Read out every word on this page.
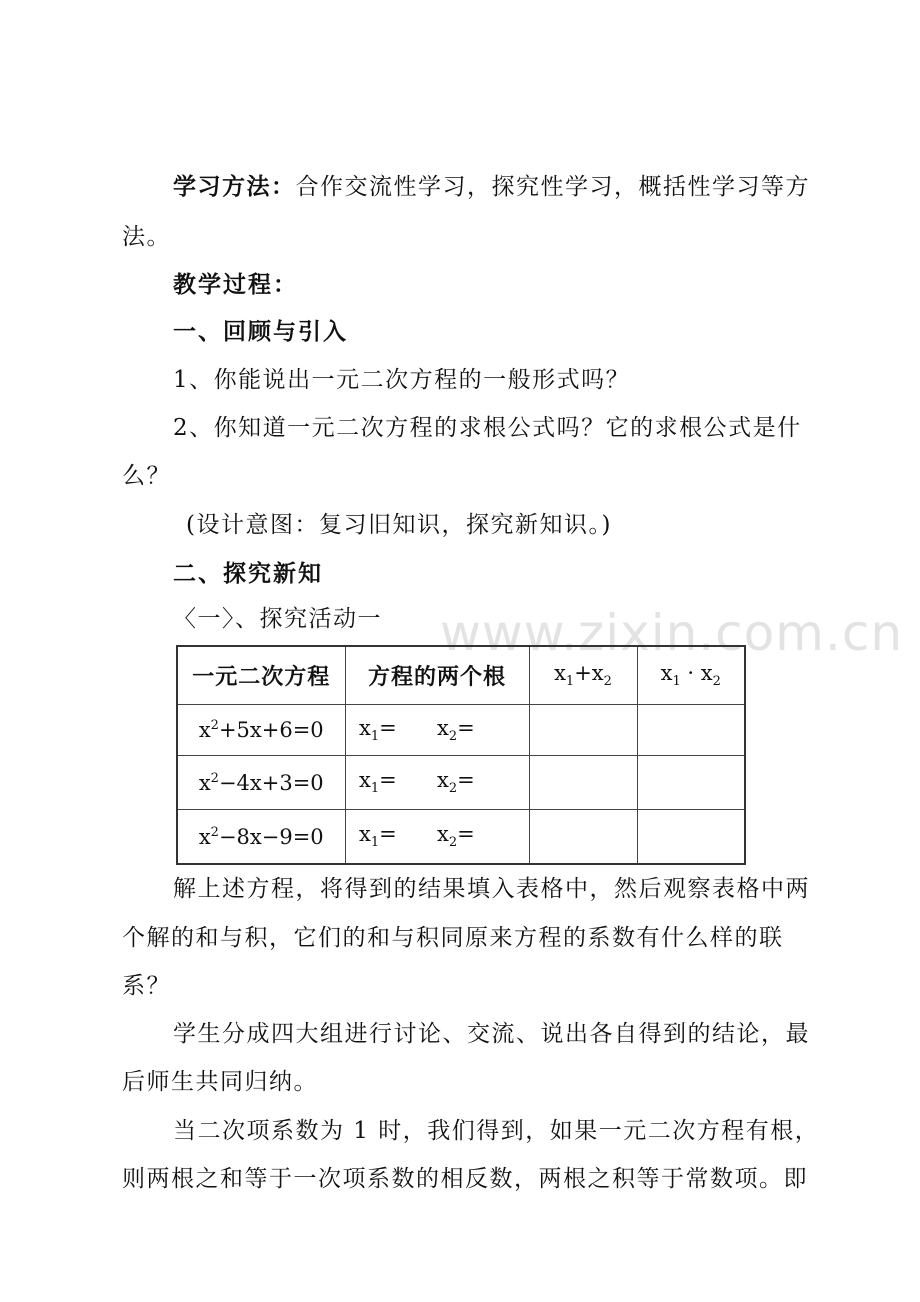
www.zixin.com.cn
学习方法：合作交流性学习，探究性学习，概括性学习等方
法。
教学过程：
一、回顾与引入
1、你能说出一元二次方程的一般形式吗？
2、你知道一元二次方程的求根公式吗？它的求根公式是什
么？
(设计意图：复习旧知识，探究新知识。)
二、探究新知
〈一〉、探究活动一
一元二次方程	方程的两个根	$x_1+x_2$	$x_1 \cdot x_2$
$x^2+5x+6=0$	$x_1= x_2=$		
$x^2-4x+3=0$	$x_1= x_2=$		
$x^2-8x-9=0$	$x_1= x_2=$		
解上述方程，将得到的结果填入表格中，然后观察表格中两
个解的和与积，它们的和与积同原来方程的系数有什么样的联
系？
学生分成四大组进行讨论、交流、说出各自得到的结论，最
后师生共同归纳。
当二次项系数为 1 时，我们得到，如果一元二次方程有根，
则两根之和等于一次项系数的相反数，两根之积等于常数项。即
